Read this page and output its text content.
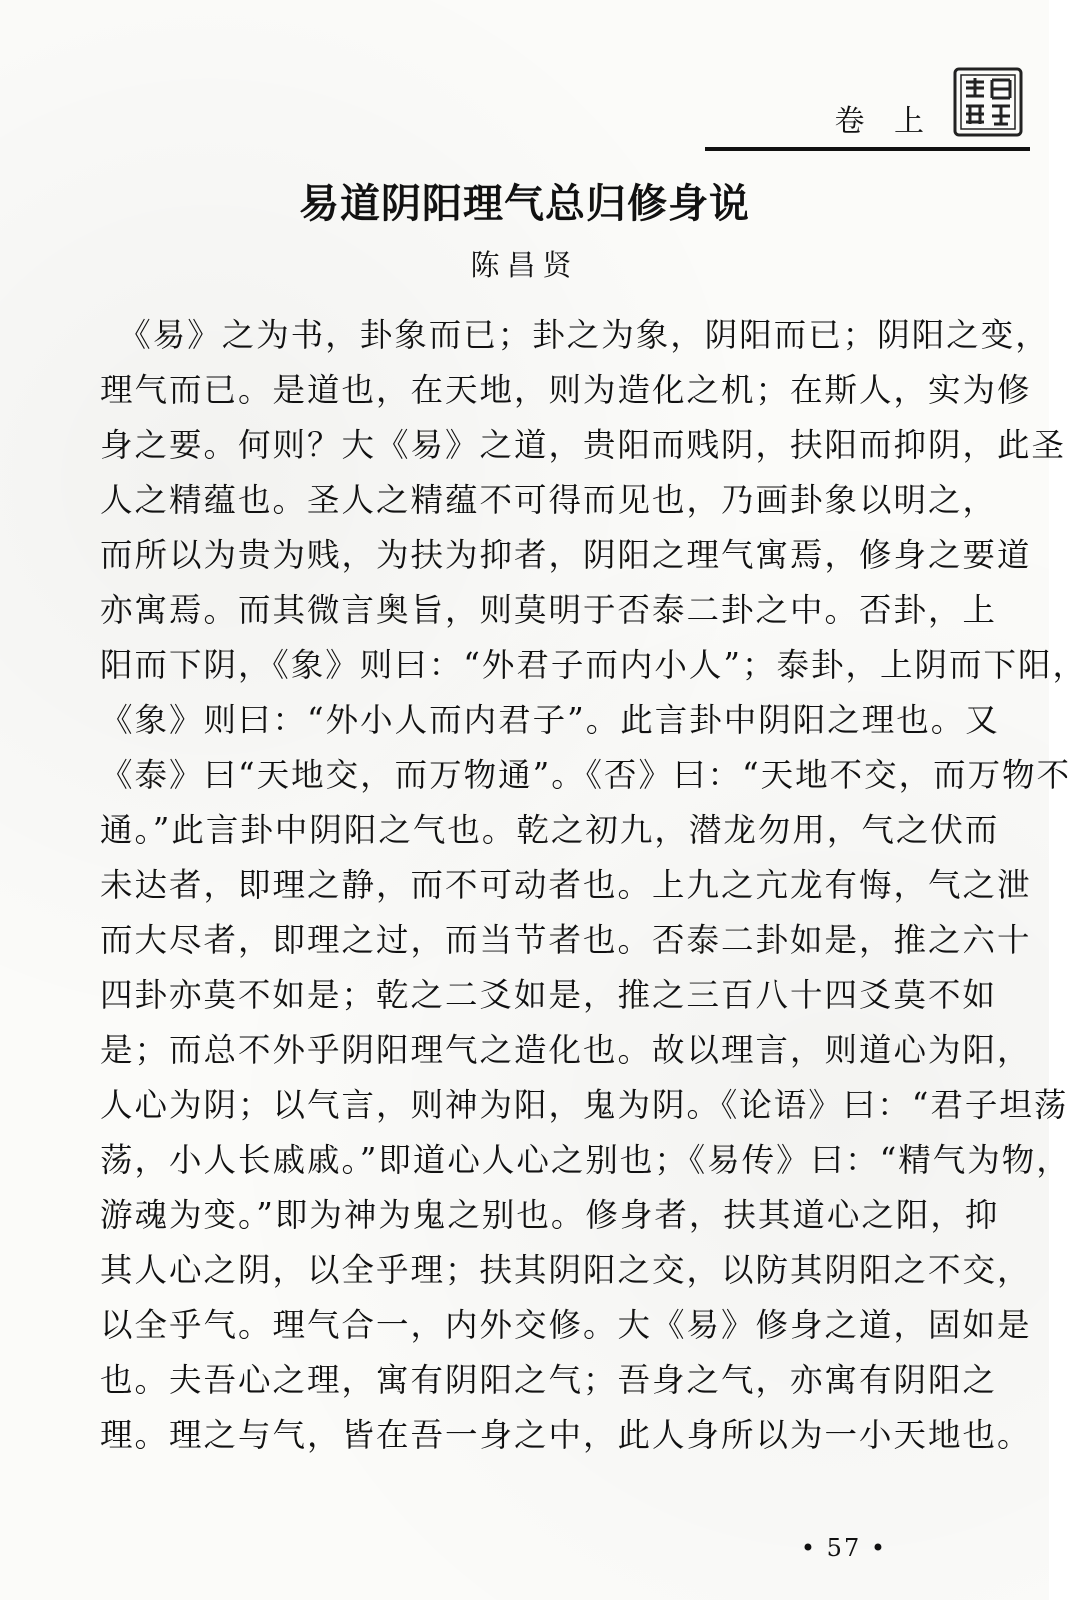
卷 上
易道阴阳理气总归修身说
陈昌贤
　《易》之为书，卦象而已；卦之为象，阴阳而已；阴阳之变，
理气而已。是道也，在天地，则为造化之机；在斯人，实为修
身之要。何则？大《易》之道，贵阳而贱阴，扶阳而抑阴，此圣
人之精蕴也。圣人之精蕴不可得而见也，乃画卦象以明之，
而所以为贵为贱，为扶为抑者，阴阳之理气寓焉，修身之要道
亦寓焉。而其微言奥旨，则莫明于否泰二卦之中。否卦，上
阳而下阴，《象》则曰：“外君子而内小人”；泰卦，上阴而下阳，
《象》则曰：“外小人而内君子”。此言卦中阴阳之理也。又
《泰》曰“天地交，而万物通”。《否》曰：“天地不交，而万物不
通。”此言卦中阴阳之气也。乾之初九，潜龙勿用，气之伏而
未达者，即理之静，而不可动者也。上九之亢龙有悔，气之泄
而大尽者，即理之过，而当节者也。否泰二卦如是，推之六十
四卦亦莫不如是；乾之二爻如是，推之三百八十四爻莫不如
是；而总不外乎阴阳理气之造化也。故以理言，则道心为阳，
人心为阴；以气言，则神为阳，鬼为阴。《论语》曰：“君子坦荡
荡，小人长戚戚。”即道心人心之别也；《易传》曰：“精气为物，
游魂为变。”即为神为鬼之别也。修身者，扶其道心之阳，抑
其人心之阴，以全乎理；扶其阴阳之交，以防其阴阳之不交，
以全乎气。理气合一，内外交修。大《易》修身之道，固如是
也。夫吾心之理，寓有阴阳之气；吾身之气，亦寓有阴阳之
理。理之与气，皆在吾一身之中，此人身所以为一小天地也。
• 57 •
